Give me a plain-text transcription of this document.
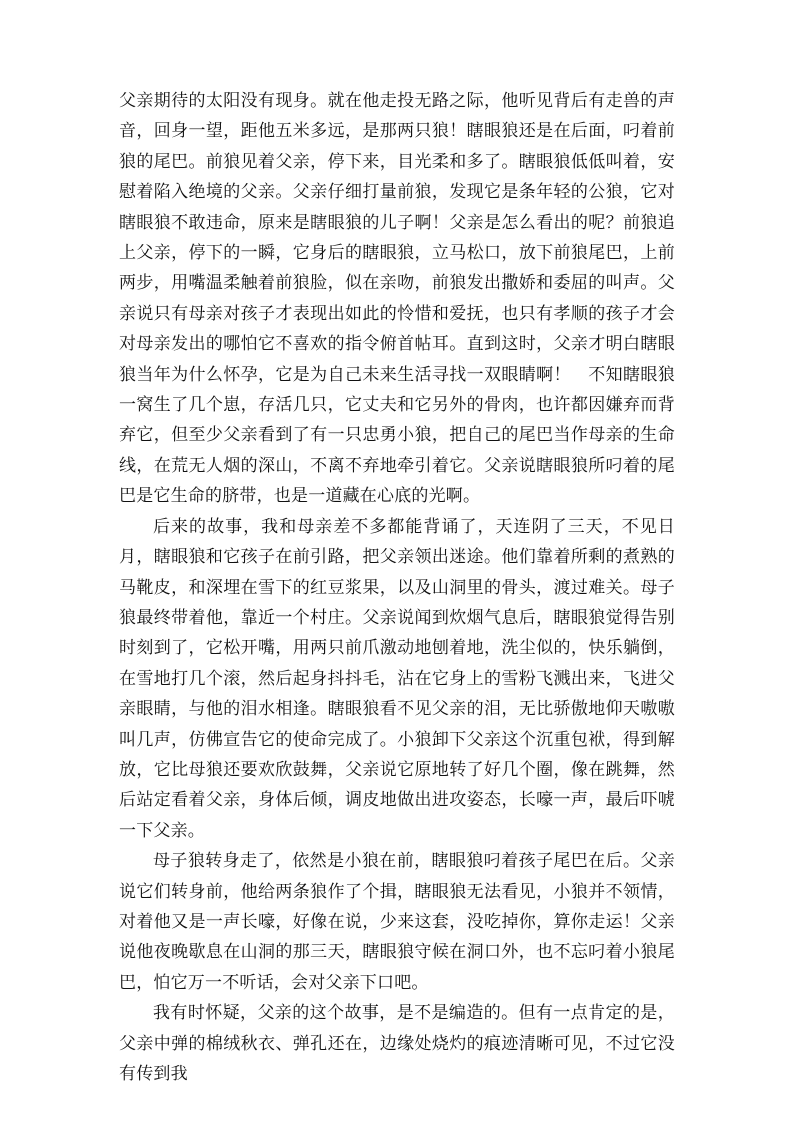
父亲期待的太阳没有现身。就在他走投无路之际，他听见背后有走兽的声音，回身一望，距他五米多远，是那两只狼！瞎眼狼还是在后面，叼着前狼的尾巴。前狼见着父亲，停下来，目光柔和多了。瞎眼狼低低叫着，安慰着陷入绝境的父亲。父亲仔细打量前狼，发现它是条年轻的公狼，它对瞎眼狼不敢违命，原来是瞎眼狼的儿子啊！父亲是怎么看出的呢？前狼追上父亲，停下的一瞬，它身后的瞎眼狼，立马松口，放下前狼尾巴，上前两步，用嘴温柔触着前狼脸，似在亲吻，前狼发出撒娇和委屈的叫声。父亲说只有母亲对孩子才表现出如此的怜惜和爱抚，也只有孝顺的孩子才会对母亲发出的哪怕它不喜欢的指令俯首帖耳。直到这时，父亲才明白瞎眼狼当年为什么怀孕，它是为自己未来生活寻找一双眼睛啊！　不知瞎眼狼一窝生了几个崽，存活几只，它丈夫和它另外的骨肉，也许都因嫌弃而背弃它，但至少父亲看到了有一只忠勇小狼，把自己的尾巴当作母亲的生命线，在荒无人烟的深山，不离不弃地牵引着它。父亲说瞎眼狼所叼着的尾巴是它生命的脐带，也是一道藏在心底的光啊。

后来的故事，我和母亲差不多都能背诵了，天连阴了三天，不见日月，瞎眼狼和它孩子在前引路，把父亲领出迷途。他们靠着所剩的煮熟的马靴皮，和深埋在雪下的红豆浆果，以及山洞里的骨头，渡过难关。母子狼最终带着他，靠近一个村庄。父亲说闻到炊烟气息后，瞎眼狼觉得告别时刻到了，它松开嘴，用两只前爪激动地刨着地，洗尘似的，快乐躺倒，在雪地打几个滚，然后起身抖抖毛，沾在它身上的雪粉飞溅出来，飞进父亲眼睛，与他的泪水相逢。瞎眼狼看不见父亲的泪，无比骄傲地仰天嗷嗷叫几声，仿佛宣告它的使命完成了。小狼卸下父亲这个沉重包袱，得到解放，它比母狼还要欢欣鼓舞，父亲说它原地转了好几个圈，像在跳舞，然后站定看着父亲，身体后倾，调皮地做出进攻姿态，长嚎一声，最后吓唬一下父亲。

母子狼转身走了，依然是小狼在前，瞎眼狼叼着孩子尾巴在后。父亲说它们转身前，他给两条狼作了个揖，瞎眼狼无法看见，小狼并不领情，对着他又是一声长嚎，好像在说，少来这套，没吃掉你，算你走运！父亲说他夜晚歇息在山洞的那三天，瞎眼狼守候在洞口外，也不忘叼着小狼尾巴，怕它万一不听话，会对父亲下口吧。

我有时怀疑，父亲的这个故事，是不是编造的。但有一点肯定的是，父亲中弹的棉绒秋衣、弹孔还在，边缘处烧灼的痕迹清晰可见，不过它没有传到我
